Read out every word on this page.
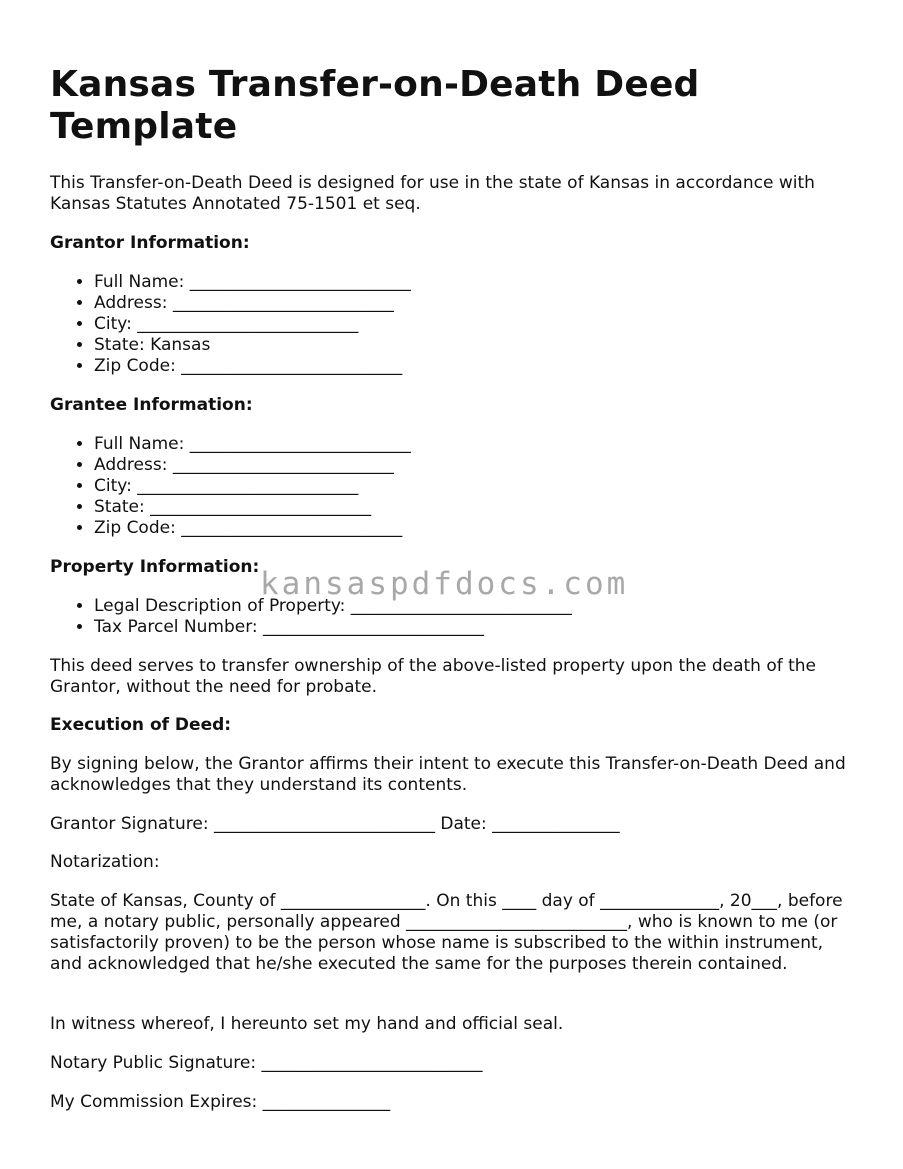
Kansas Transfer-on-Death Deed Template

This Transfer-on-Death Deed is designed for use in the state of Kansas in accordance with Kansas Statutes Annotated 75-1501 et seq.

Grantor Information:

• Full Name: __________________________
• Address: __________________________
• City: __________________________
• State: Kansas
• Zip Code: __________________________

Grantee Information:

• Full Name: __________________________
• Address: __________________________
• City: __________________________
• State: __________________________
• Zip Code: __________________________

Property Information:

• Legal Description of Property: __________________________
• Tax Parcel Number: __________________________

This deed serves to transfer ownership of the above-listed property upon the death of the Grantor, without the need for probate.

Execution of Deed:

By signing below, the Grantor affirms their intent to execute this Transfer-on-Death Deed and acknowledges that they understand its contents.

Grantor Signature: __________________________ Date: _______________

Notarization:

State of Kansas, County of _________________. On this ____ day of ______________, 20___, before me, a notary public, personally appeared __________________________, who is known to me (or satisfactorily proven) to be the person whose name is subscribed to the within instrument, and acknowledged that he/she executed the same for the purposes therein contained.

In witness whereof, I hereunto set my hand and official seal.

Notary Public Signature: __________________________

My Commission Expires: _______________

kansaspdfdocs.com
